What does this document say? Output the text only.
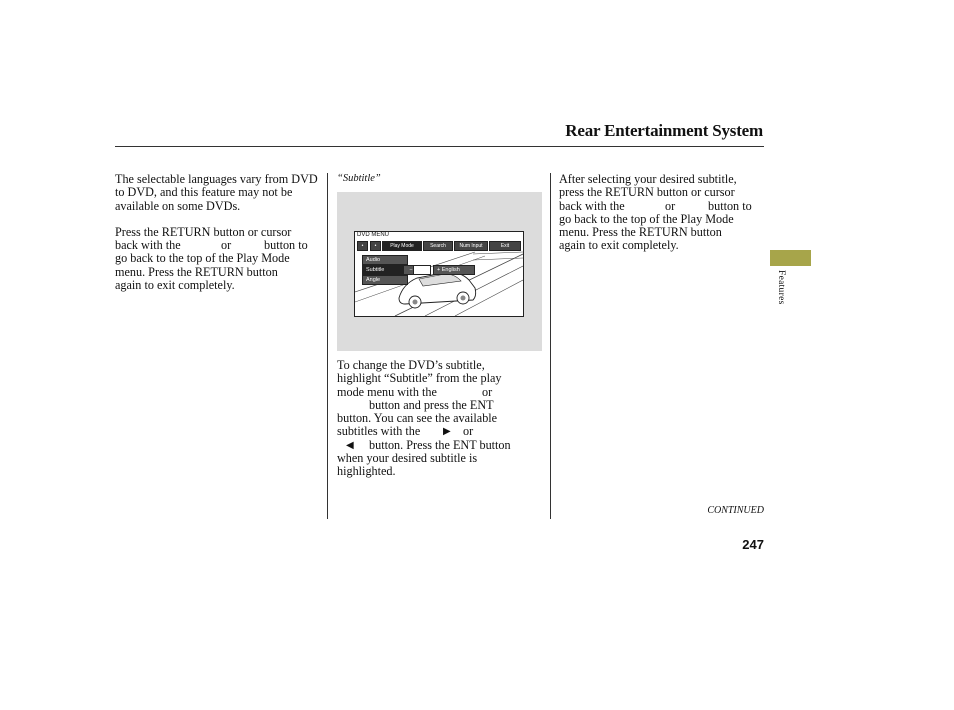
Rear Entertainment System

The selectable languages vary from DVD to DVD, and this feature may not be available on some DVDs.

Press the RETURN button or cursor
back with the	or	button to
go back to the top of the Play Mode
menu. Press the RETURN button
again to exit completely.
“Subtitle”
DVD MENU
•	•	Play Mode	Search	Num Input	Exit
Audio
Subtitle
Angle
−	+ English
To change the DVD’s subtitle,
highlight “Subtitle” from the play
mode menu with the	or
button and press the ENT
button. You can see the available
subtitles with the ▶ or
◀ button. Press the ENT button
when your desired subtitle is
highlighted.
After selecting your desired subtitle,
press the RETURN button or cursor
back with the	or	button to
go back to the top of the Play Mode
menu. Press the RETURN button
again to exit completely.
Features
CONTINUED
247
